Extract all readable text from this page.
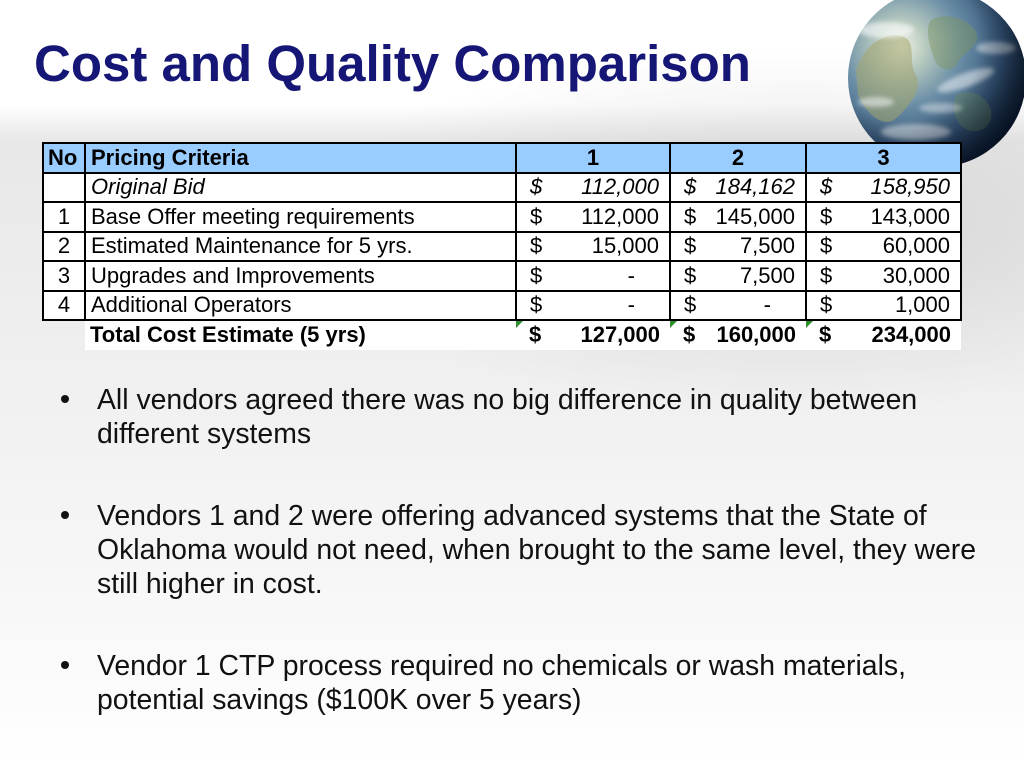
Cost and Quality Comparison
No	Pricing Criteria	1	2	3
	Original Bid	$ 112,000	$ 184,162	$ 158,950

1	Base Offer meeting requirements	$ 112,000	$ 145,000	$ 143,000

2	Estimated Maintenance for 5 yrs.	$ 15,000	$ 7,500	$ 60,000

3	Upgrades and Improvements	$ -	$ 7,500	$ 30,000

4	Additional Operators	$ -	$ -	$ 1,000

	Total Cost Estimate (5 yrs)	$ 127,000	$ 160,000	$ 234,000
All vendors agreed there was no big difference in quality between different systems
Vendors 1 and 2 were offering advanced systems that the State of Oklahoma would not need, when brought to the same level, they were still higher in cost.
Vendor 1 CTP process required no chemicals or wash materials, potential savings ($100K over 5 years)
